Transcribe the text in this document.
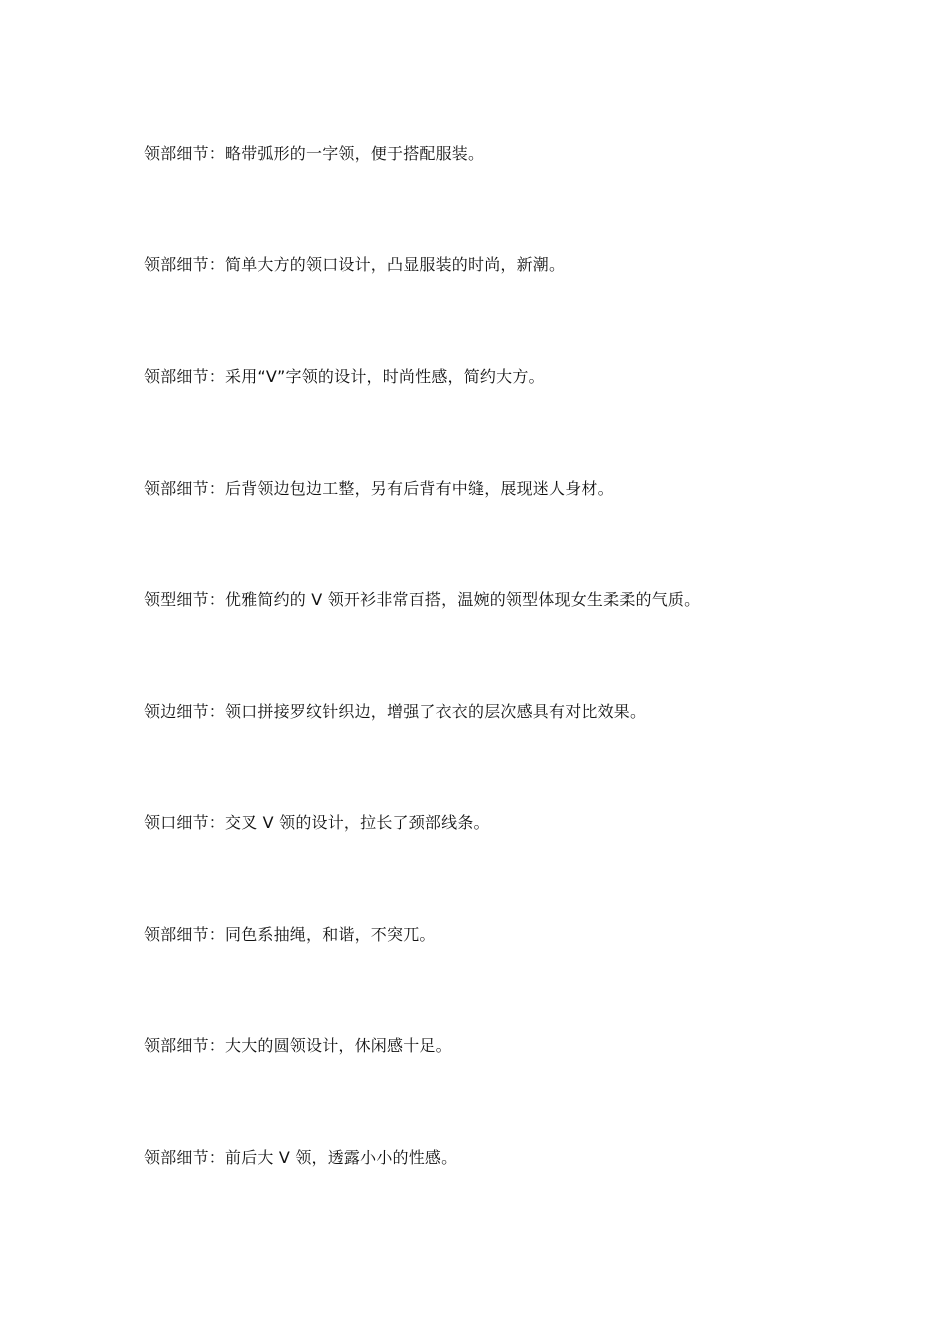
领部细节：略带弧形的一字领，便于搭配服装。

领部细节：简单大方的领口设计，凸显服装的时尚，新潮。

领部细节：采用“V”字领的设计，时尚性感，简约大方。

领部细节：后背领边包边工整，另有后背有中缝，展现迷人身材。

领型细节：优雅简约的 V 领开衫非常百搭，温婉的领型体现女生柔柔的气质。

领边细节：领口拼接罗纹针织边，增强了衣衣的层次感具有对比效果。

领口细节：交叉 V 领的设计，拉长了颈部线条。

领部细节：同色系抽绳，和谐，不突兀。

领部细节：大大的圆领设计，休闲感十足。

领部细节：前后大 V 领，透露小小的性感。
